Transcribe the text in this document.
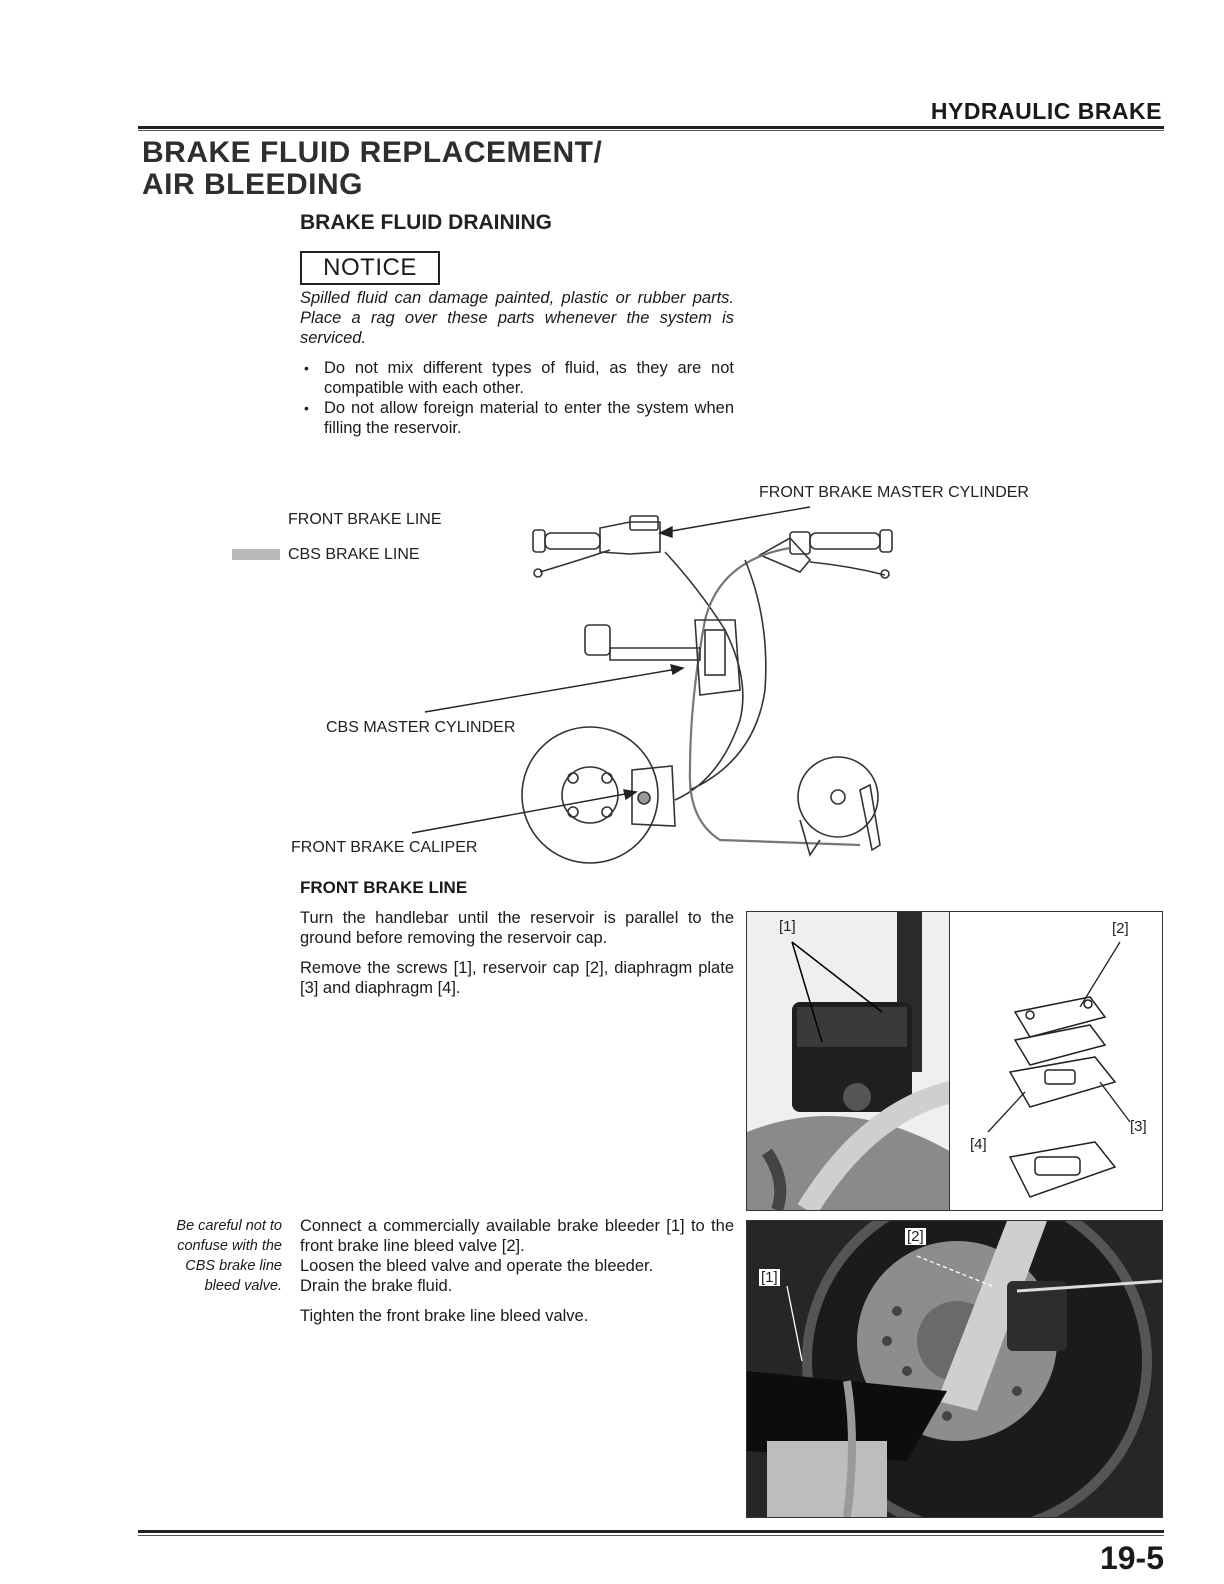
HYDRAULIC BRAKE
BRAKE FLUID REPLACEMENT/
AIR BLEEDING
BRAKE FLUID DRAINING
NOTICE
Spilled fluid can damage painted, plastic or rubber parts. Place a rag over these parts whenever the system is serviced.
• Do not mix different types of fluid, as they are not compatible with each other.
• Do not allow foreign material to enter the system when filling the reservoir.
FRONT BRAKE MASTER CYLINDER
FRONT BRAKE LINE
CBS BRAKE LINE
CBS MASTER CYLINDER
FRONT BRAKE CALIPER
FRONT BRAKE LINE
Turn the handlebar until the reservoir is parallel to the ground before removing the reservoir cap.
Remove the screws [1], reservoir cap [2], diaphragm plate [3] and diaphragm [4].
[1]	[2]
[3]
[4]
Be careful not to confuse with the CBS brake line bleed valve.
Connect a commercially available brake bleeder [1] to the front brake line bleed valve [2].
Loosen the bleed valve and operate the bleeder.
Drain the brake fluid.
Tighten the front brake line bleed valve.
[1]
[2]
19-5
